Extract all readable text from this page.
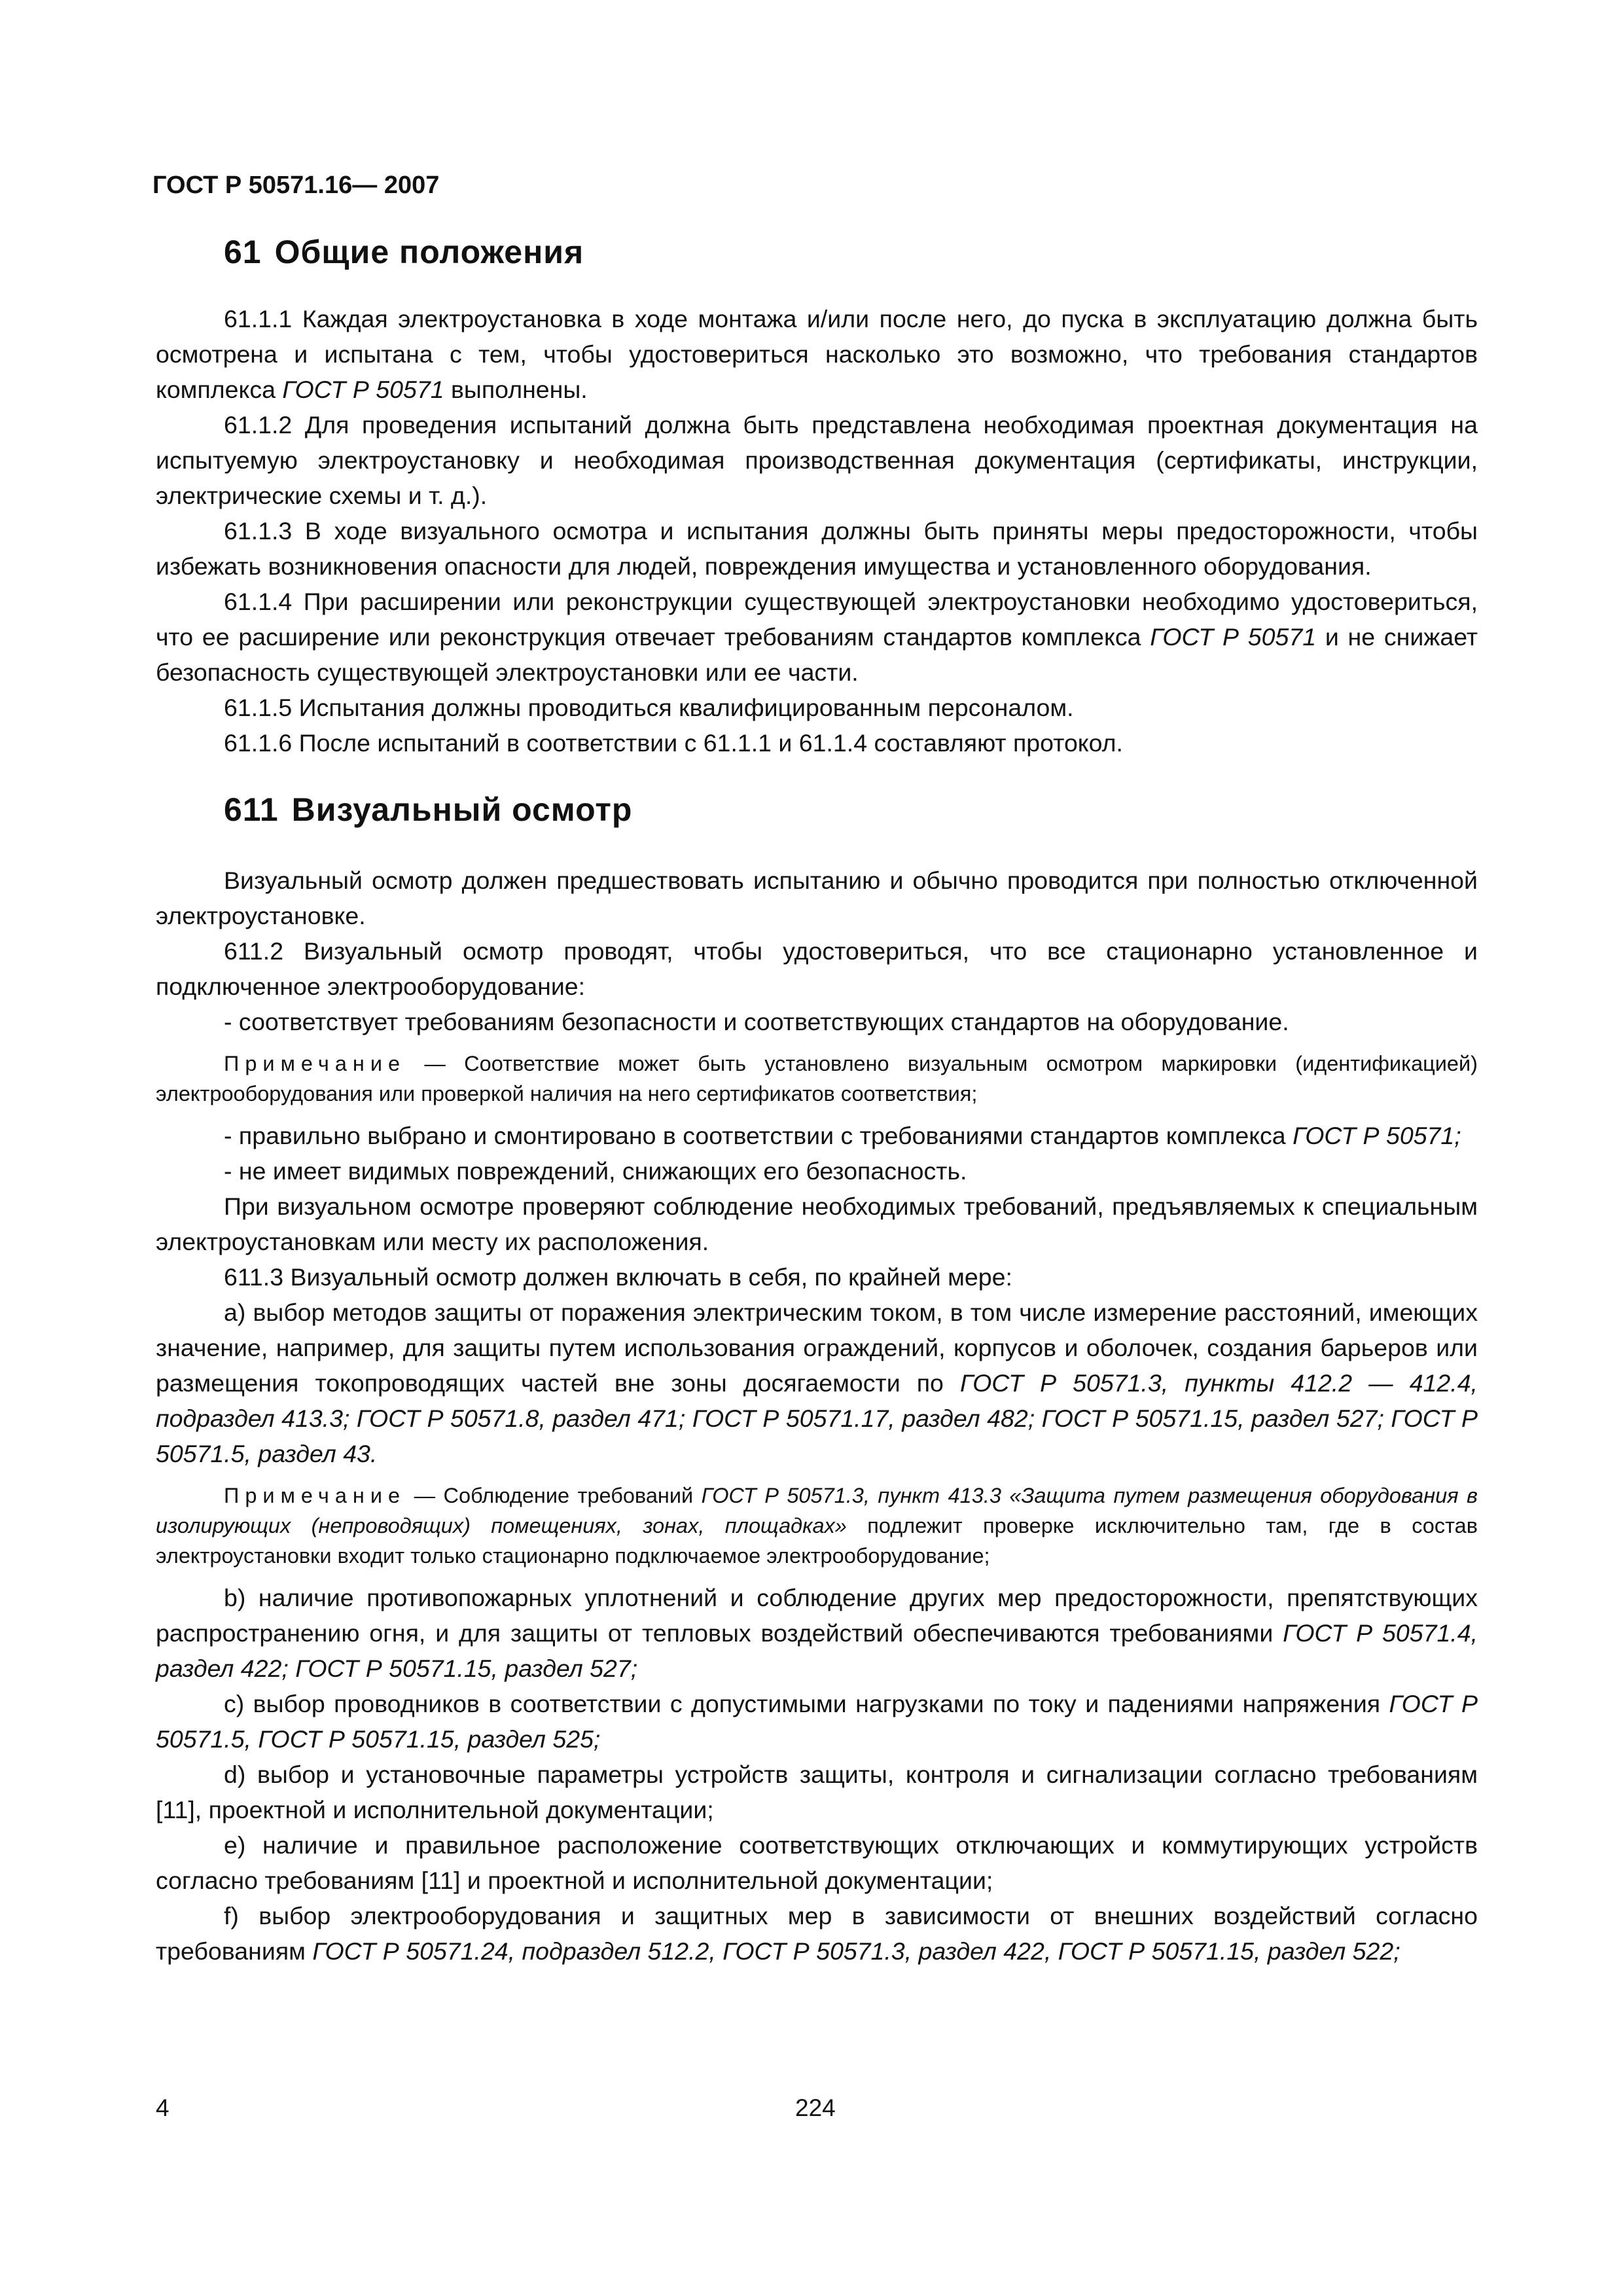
ГОСТ Р 50571.16— 2007
61 Общие положения

61.1.1 Каждая электроустановка в ходе монтажа и/или после него, до пуска в эксплуатацию должна быть осмотрена и испытана с тем, чтобы удостовериться насколько это возможно, что требования стандартов комплекса ГОСТ Р 50571 выполнены.

61.1.2 Для проведения испытаний должна быть представлена необходимая проектная документация на испытуемую электроустановку и необходимая производственная документация (сертификаты, инструкции, электрические схемы и т. д.).

61.1.3 В ходе визуального осмотра и испытания должны быть приняты меры предосторожности, чтобы избежать возникновения опасности для людей, повреждения имущества и установленного оборудования.

61.1.4 При расширении или реконструкции существующей электроустановки необходимо удостовериться, что ее расширение или реконструкция отвечает требованиям стандартов комплекса ГОСТ Р 50571 и не снижает безопасность существующей электроустановки или ее части.

61.1.5 Испытания должны проводиться квалифицированным персоналом.

61.1.6 После испытаний в соответствии с 61.1.1 и 61.1.4 составляют протокол.

611 Визуальный осмотр

Визуальный осмотр должен предшествовать испытанию и обычно проводится при полностью отключенной электроустановке.

611.2 Визуальный осмотр проводят, чтобы удостовериться, что все стационарно установленное и подключенное электрооборудование:

- соответствует требованиям безопасности и соответствующих стандартов на оборудование.

Примечание — Соответствие может быть установлено визуальным осмотром маркировки (идентификацией) электрооборудования или проверкой наличия на него сертификатов соответствия;

- правильно выбрано и смонтировано в соответствии с требованиями стандартов комплекса ГОСТ Р 50571;

- не имеет видимых повреждений, снижающих его безопасность.

При визуальном осмотре проверяют соблюдение необходимых требований, предъявляемых к специальным электроустановкам или месту их расположения.

611.3 Визуальный осмотр должен включать в себя, по крайней мере:

а) выбор методов защиты от поражения электрическим током, в том числе измерение расстояний, имеющих значение, например, для защиты путем использования ограждений, корпусов и оболочек, создания барьеров или размещения токопроводящих частей вне зоны досягаемости по ГОСТ Р 50571.3, пункты 412.2 — 412.4, подраздел 413.3; ГОСТ Р 50571.8, раздел 471; ГОСТ Р 50571.17, раздел 482; ГОСТ Р 50571.15, раздел 527; ГОСТ Р 50571.5, раздел 43.

Примечание — Соблюдение требований ГОСТ Р 50571.3, пункт 413.3 «Защита путем размещения оборудования в изолирующих (непроводящих) помещениях, зонах, площадках» подлежит проверке исключительно там, где в состав электроустановки входит только стационарно подключаемое электрооборудование;

b) наличие противопожарных уплотнений и соблюдение других мер предосторожности, препятствующих распространению огня, и для защиты от тепловых воздействий обеспечиваются требованиями ГОСТ Р 50571.4, раздел 422; ГОСТ Р 50571.15, раздел 527;

с) выбор проводников в соответствии с допустимыми нагрузками по току и падениями напряжения ГОСТ Р 50571.5, ГОСТ Р 50571.15, раздел 525;

d) выбор и установочные параметры устройств защиты, контроля и сигнализации согласно требованиям [11], проектной и исполнительной документации;

е) наличие и правильное расположение соответствующих отключающих и коммутирующих устройств согласно требованиям [11] и проектной и исполнительной документации;

f) выбор электрооборудования и защитных мер в зависимости от внешних воздействий согласно требованиям ГОСТ Р 50571.24, подраздел 512.2, ГОСТ Р 50571.3, раздел 422, ГОСТ Р 50571.15, раздел 522;

4	224
